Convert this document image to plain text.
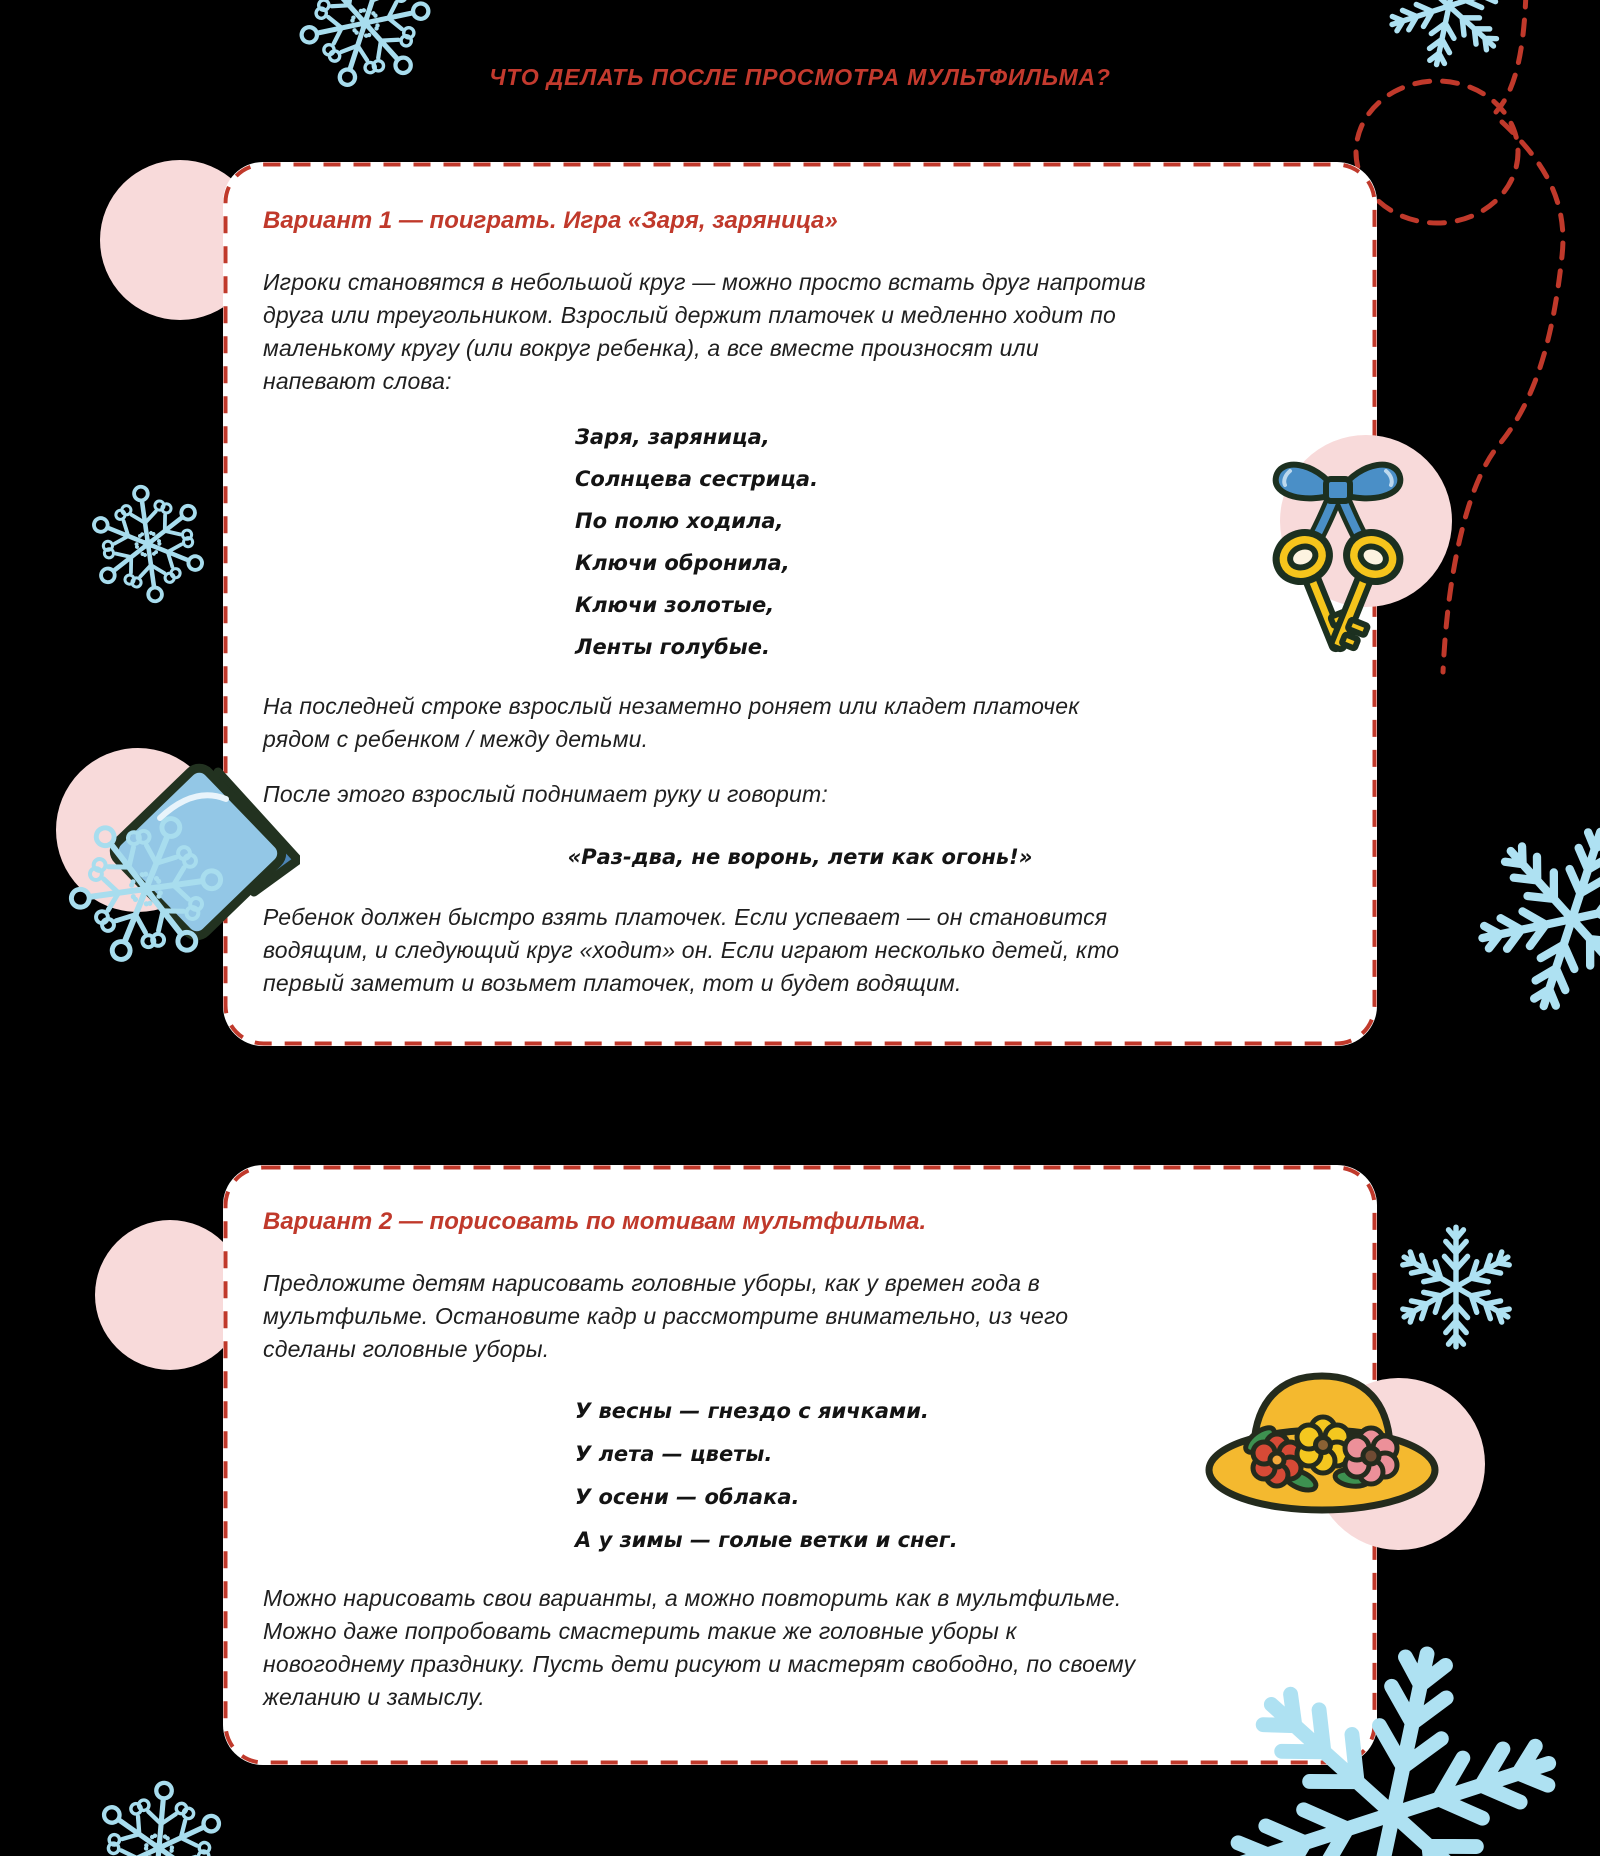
ЧТО ДЕЛАТЬ ПОСЛЕ ПРОСМОТРА МУЛЬТФИЛЬМА?
Вариант 1 — поиграть. Игра «Заря, заряница»
Игроки становятся в небольшой круг — можно просто встать друг напротив
друга или треугольником. Взрослый держит платочек и медленно ходит по
маленькому кругу (или вокруг ребенка), а все вместе произносят или
напевают слова:
Заря, заряница,
Солнцева сестрица.
По полю ходила,
Ключи обронила,
Ключи золотые,
Ленты голубые.
На последней строке взрослый незаметно роняет или кладет платочек
рядом с ребенком / между детьми.
После этого взрослый поднимает руку и говорит:
«Раз-два, не воронь, лети как огонь!»
Ребенок должен быстро взять платочек. Если успевает — он становится
водящим, и следующий круг «ходит» он. Если играют несколько детей, кто
первый заметит и возьмет платочек, тот и будет водящим.
Вариант 2 — порисовать по мотивам мультфильма.
Предложите детям нарисовать головные уборы, как у времен года в
мультфильме. Остановите кадр и рассмотрите внимательно, из чего
сделаны головные уборы.
У весны — гнездо с яичками.
У лета — цветы.
У осени — облака.
А у зимы — голые ветки и снег.
Можно нарисовать свои варианты, а можно повторить как в мультфильме.
Можно даже попробовать смастерить такие же головные уборы к
новогоднему празднику. Пусть дети рисуют и мастерят свободно, по своему
желанию и замыслу.
